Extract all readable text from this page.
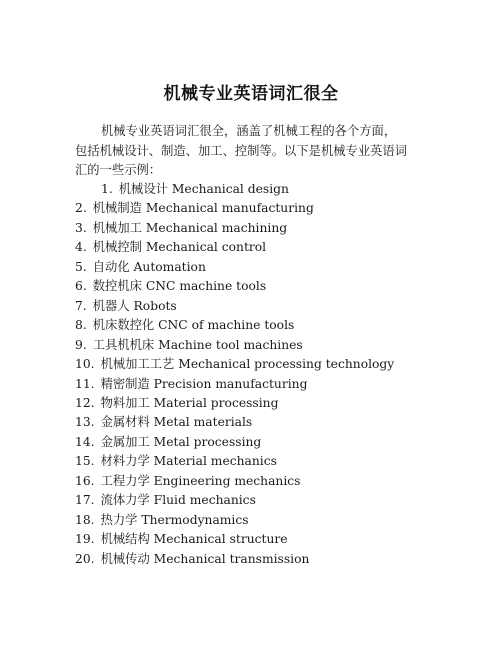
机械专业英语词汇很全
机械专业英语词汇很全，涵盖了机械工程的各个方面，
包括机械设计、制造、加工、控制等。以下是机械专业英语词
汇的一些示例：
1. 机械设计 Mechanical design
2. 机械制造 Mechanical manufacturing
3. 机械加工 Mechanical machining
4. 机械控制 Mechanical control
5. 自动化 Automation
6. 数控机床 CNC machine tools
7. 机器人 Robots
8. 机床数控化 CNC of machine tools
9. 工具机机床 Machine tool machines
10. 机械加工工艺 Mechanical processing technology
11. 精密制造 Precision manufacturing
12. 物料加工 Material processing
13. 金属材料 Metal materials
14. 金属加工 Metal processing
15. 材料力学 Material mechanics
16. 工程力学 Engineering mechanics
17. 流体力学 Fluid mechanics
18. 热力学 Thermodynamics
19. 机械结构 Mechanical structure
20. 机械传动 Mechanical transmission
